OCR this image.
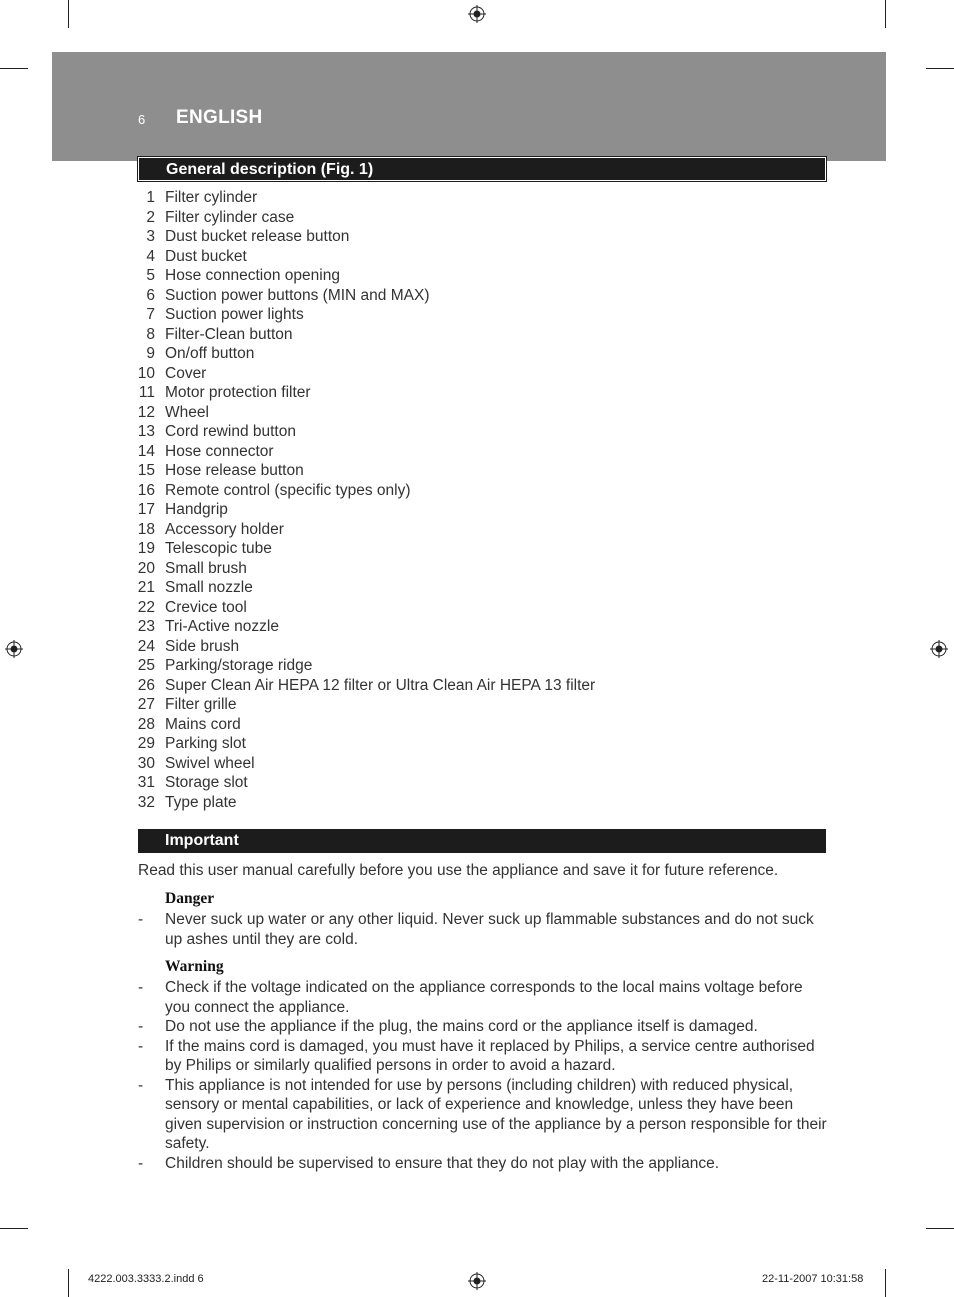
6 ENGLISH
General description (Fig. 1)
1 Filter cylinder
2 Filter cylinder case
3 Dust bucket release button
4 Dust bucket
5 Hose connection opening
6 Suction power buttons (MIN and MAX)
7 Suction power lights
8 Filter-Clean button
9 On/off button
10 Cover
11 Motor protection filter
12 Wheel
13 Cord rewind button
14 Hose connector
15 Hose release button
16 Remote control (specific types only)
17 Handgrip
18 Accessory holder
19 Telescopic tube
20 Small brush
21 Small nozzle
22 Crevice tool
23 Tri-Active nozzle
24 Side brush
25 Parking/storage ridge
26 Super Clean Air HEPA 12 filter or Ultra Clean Air HEPA 13 filter
27 Filter grille
28 Mains cord
29 Parking slot
30 Swivel wheel
31 Storage slot
32 Type plate
Important
Read this user manual carefully before you use the appliance and save it for future reference.
Danger
- Never suck up water or any other liquid. Never suck up flammable substances and do not suck up ashes until they are cold.
Warning
- Check if the voltage indicated on the appliance corresponds to the local mains voltage before you connect the appliance.
- Do not use the appliance if the plug, the mains cord or the appliance itself is damaged.
- If the mains cord is damaged, you must have it replaced by Philips, a service centre authorised by Philips or similarly qualified persons in order to avoid a hazard.
- This appliance is not intended for use by persons (including children) with reduced physical, sensory or mental capabilities, or lack of experience and knowledge, unless they have been given supervision or instruction concerning use of the appliance by a person responsible for their safety.
- Children should be supervised to ensure that they do not play with the appliance.
4222.003.3333.2.indd 6	22-11-2007 10:31:58
